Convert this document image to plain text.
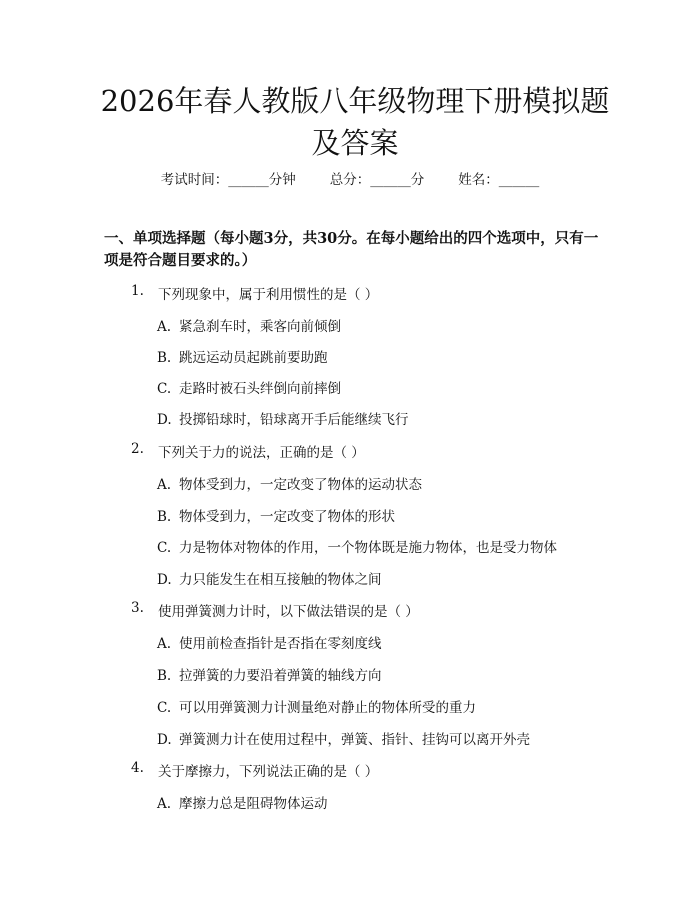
2026年春人教版八年级物理下册模拟题及答案
考试时间：______分钟	总分：______分	姓名：______
一、单项选择题（每小题3分，共30分。在每小题给出的四个选项中，只有一项是符合题目要求的。）
1.	下列现象中，属于利用惯性的是（ ）
A. 紧急刹车时，乘客向前倾倒
B. 跳远运动员起跳前要助跑
C. 走路时被石头绊倒向前摔倒
D. 投掷铅球时，铅球离开手后能继续飞行
2.	下列关于力的说法，正确的是（ ）
A. 物体受到力，一定改变了物体的运动状态
B. 物体受到力，一定改变了物体的形状
C. 力是物体对物体的作用，一个物体既是施力物体，也是受力物体
D. 力只能发生在相互接触的物体之间
3.	使用弹簧测力计时，以下做法错误的是（ ）
A. 使用前检查指针是否指在零刻度线
B. 拉弹簧的力要沿着弹簧的轴线方向
C. 可以用弹簧测力计测量绝对静止的物体所受的重力
D. 弹簧测力计在使用过程中，弹簧、指针、挂钩可以离开外壳
4.	关于摩擦力，下列说法正确的是（ ）
A. 摩擦力总是阻碍物体运动
